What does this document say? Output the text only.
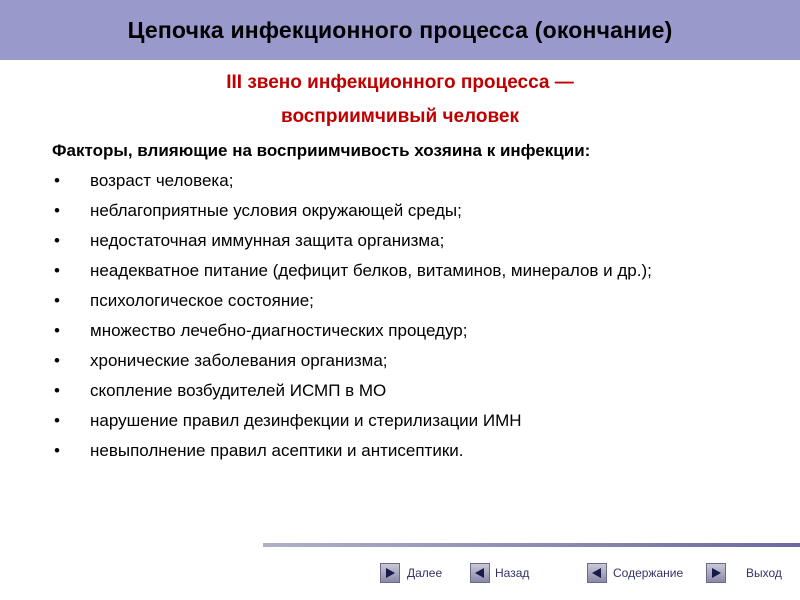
Цепочка инфекционного процесса (окончание)
III звено инфекционного процесса —
восприимчивый человек
Факторы, влияющие на восприимчивость хозяина к инфекции:
• возраст человека;
• неблагоприятные условия окружающей среды;
• недостаточная иммунная защита организма;
• неадекватное питание (дефицит белков, витаминов, минералов и др.);
• психологическое состояние;
• множество лечебно-диагностических процедур;
• хронические заболевания организма;
• скопление возбудителей ИСМП в МО
• нарушение правил дезинфекции и стерилизации ИМН
• невыполнение правил асептики и антисептики.
Далее	Назад	Содержание	Выход
